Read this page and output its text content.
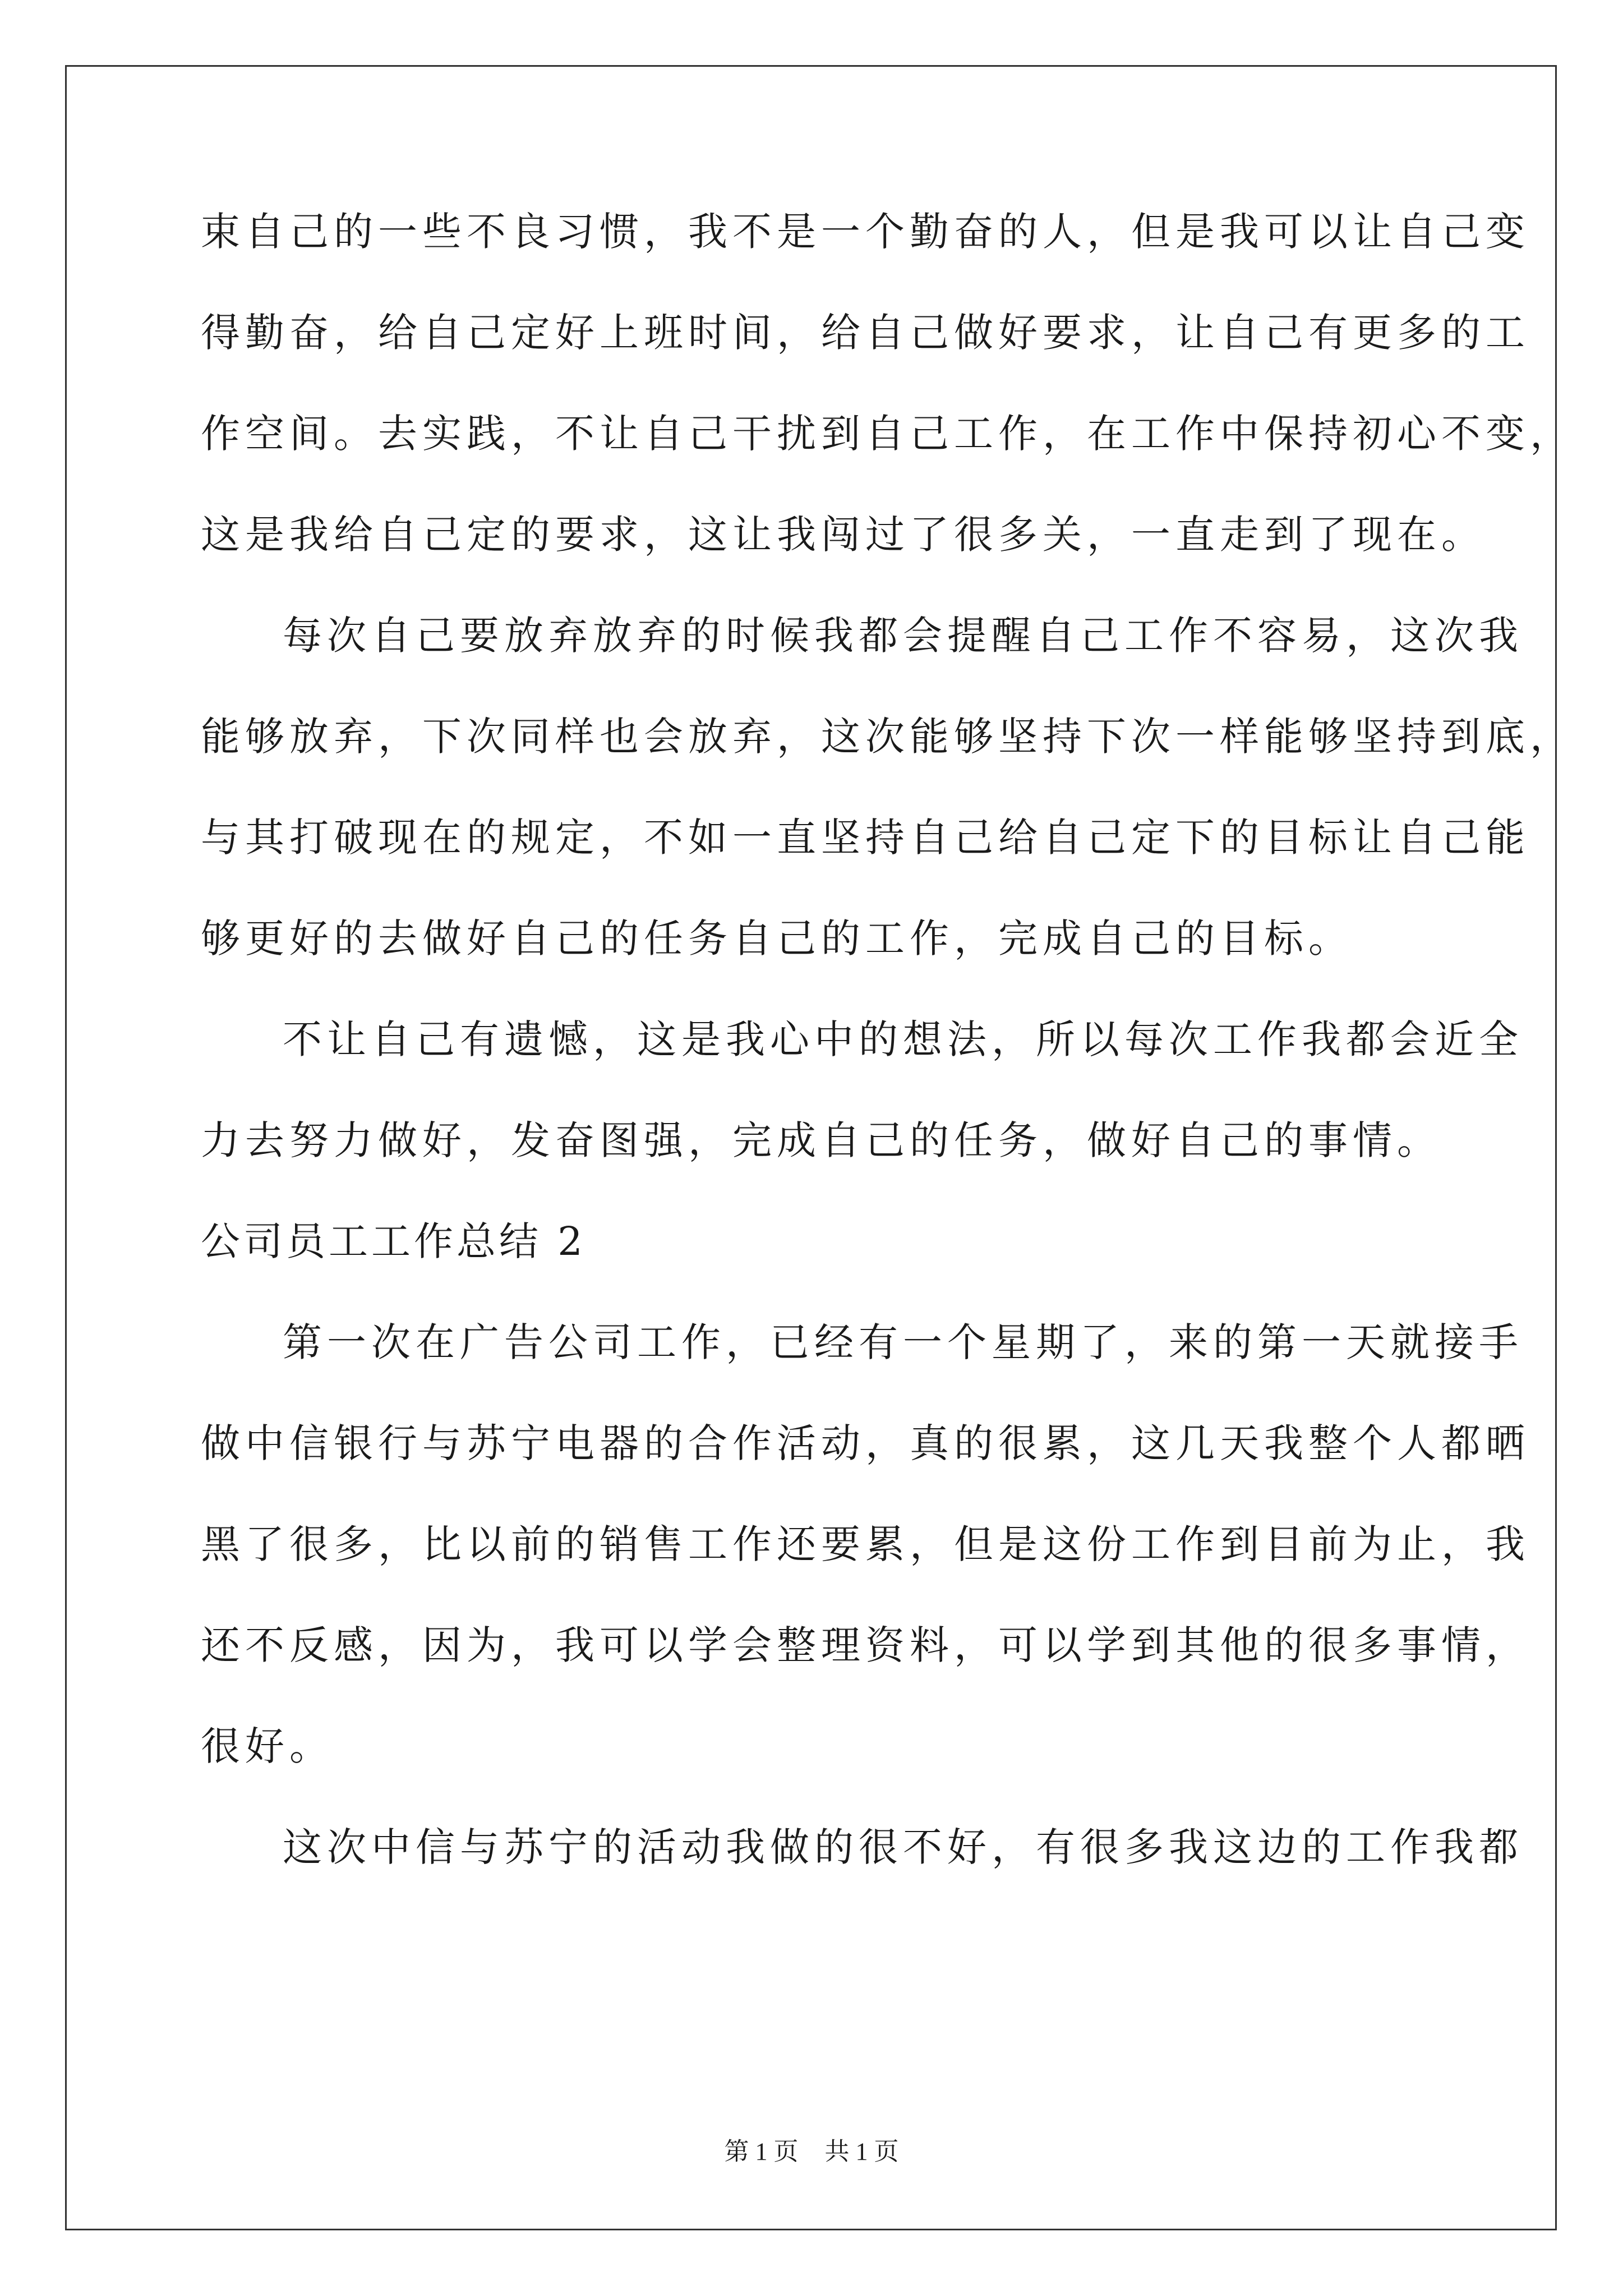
束自己的一些不良习惯，我不是一个勤奋的人，但是我可以让自己变
得勤奋，给自己定好上班时间，给自己做好要求，让自己有更多的工
作空间。去实践，不让自己干扰到自己工作，在工作中保持初心不变，
这是我给自己定的要求，这让我闯过了很多关，一直走到了现在。
每次自己要放弃放弃的时候我都会提醒自己工作不容易，这次我
能够放弃，下次同样也会放弃，这次能够坚持下次一样能够坚持到底，
与其打破现在的规定，不如一直坚持自己给自己定下的目标让自己能
够更好的去做好自己的任务自己的工作，完成自己的目标。
不让自己有遗憾，这是我心中的想法，所以每次工作我都会近全
力去努力做好，发奋图强，完成自己的任务，做好自己的事情。
公司员工工作总结 2
第一次在广告公司工作，已经有一个星期了，来的第一天就接手
做中信银行与苏宁电器的合作活动，真的很累，这几天我整个人都晒
黑了很多，比以前的销售工作还要累，但是这份工作到目前为止，我
还不反感，因为，我可以学会整理资料，可以学到其他的很多事情，
很好。
这次中信与苏宁的活动我做的很不好，有很多我这边的工作我都
第 1 页 共 1 页
